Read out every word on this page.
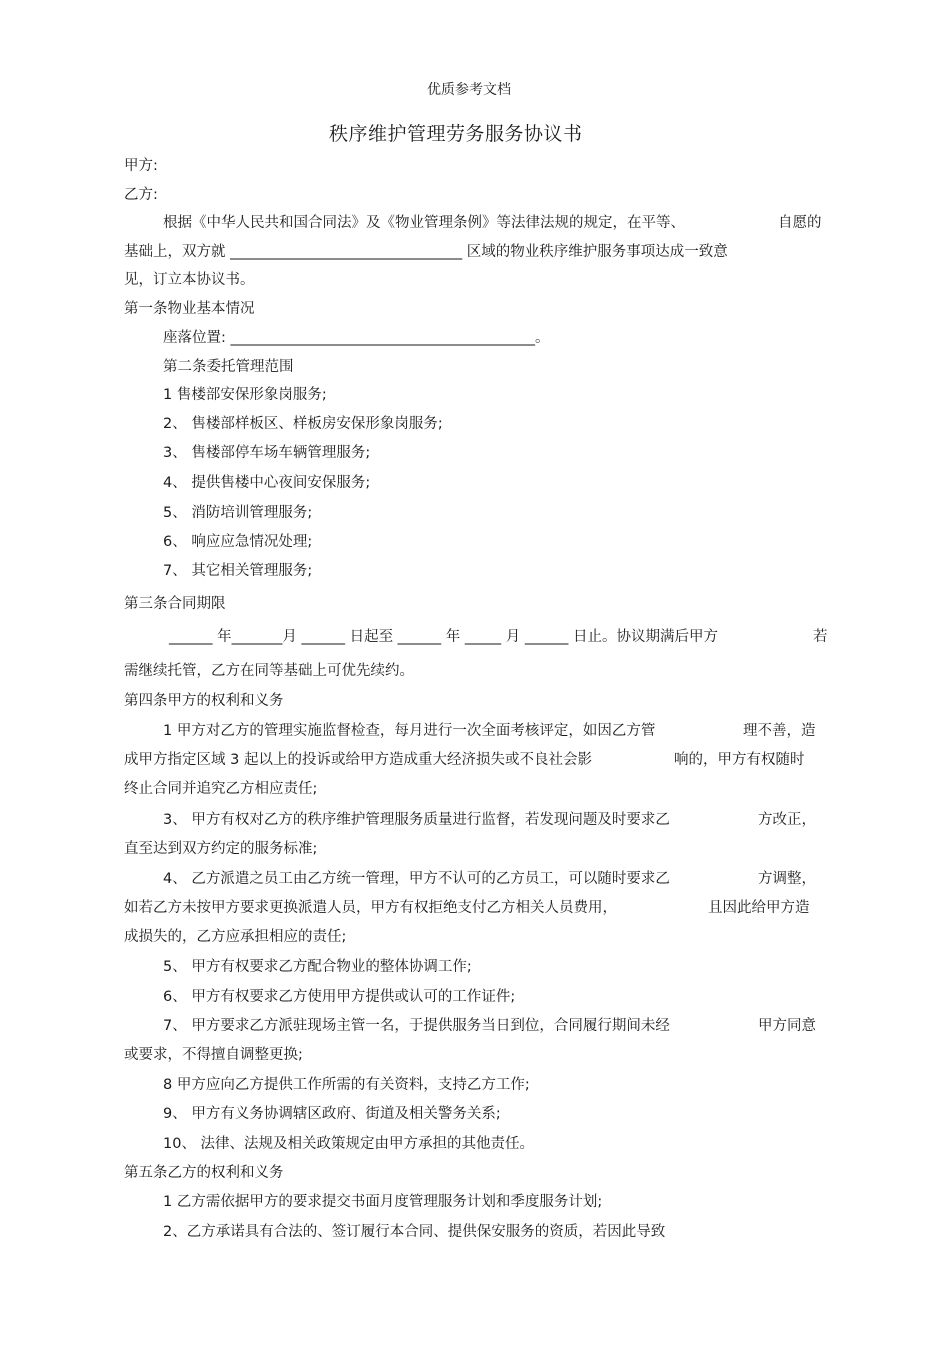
优质参考文档
秩序维护管理劳务服务协议书
甲方:
乙方:
根据《中华人民共和国合同法》及《物业管理条例》等法律法规的规定，在平等、	自愿的
基础上，双方就 ________________________________ 区域的物业秩序维护服务事项达成一致意
见，订立本协议书。
第一条物业基本情况
座落位置: __________________________________________。
第二条委托管理范围
1 售楼部安保形象岗服务;
2、 售楼部样板区、样板房安保形象岗服务;
3、 售楼部停车场车辆管理服务;
4、 提供售楼中心夜间安保服务;
5、 消防培训管理服务;
6、 响应应急情况处理;
7、 其它相关管理服务;
第三条合同期限
______ 年_______月 ______ 日起至 ______ 年 _____ 月 ______ 日止。协议期满后甲方	若
需继续托管，乙方在同等基础上可优先续约。
第四条甲方的权利和义务
1 甲方对乙方的管理实施监督检查，每月进行一次全面考核评定，如因乙方管	理不善，造
成甲方指定区域 3 起以上的投诉或给甲方造成重大经济损失或不良社会影	响的，甲方有权随时
终止合同并追究乙方相应责任;
3、 甲方有权对乙方的秩序维护管理服务质量进行监督，若发现问题及时要求乙	方改正，
直至达到双方约定的服务标准;
4、 乙方派遣之员工由乙方统一管理，甲方不认可的乙方员工，可以随时要求乙	方调整，
如若乙方未按甲方要求更换派遣人员，甲方有权拒绝支付乙方相关人员费用，	且因此给甲方造
成损失的，乙方应承担相应的责任;
5、 甲方有权要求乙方配合物业的整体协调工作;
6、 甲方有权要求乙方使用甲方提供或认可的工作证件;
7、 甲方要求乙方派驻现场主管一名，于提供服务当日到位，合同履行期间未经	甲方同意
或要求，不得擅自调整更换;
8 甲方应向乙方提供工作所需的有关资料，支持乙方工作;
9、 甲方有义务协调辖区政府、街道及相关警务关系;
10、 法律、法规及相关政策规定由甲方承担的其他责任。
第五条乙方的权利和义务
1 乙方需依据甲方的要求提交书面月度管理服务计划和季度服务计划;
2、乙方承诺具有合法的、签订履行本合同、提供保安服务的资质，若因此导致
